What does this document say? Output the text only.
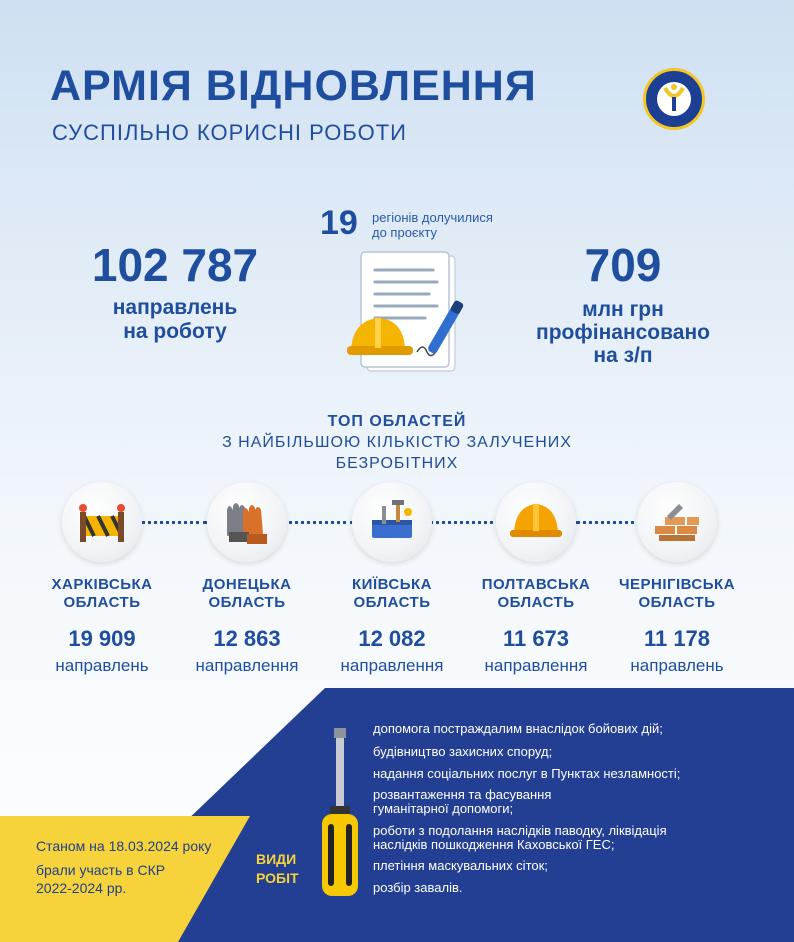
АРМІЯ ВІДНОВЛЕННЯ
СУСПІЛЬНО КОРИСНІ РОБОТИ
102 787
направлень
на роботу
19 регіонів долучилися
до проєкту
709
млн грн
профінансовано
на з/п
ТОП ОБЛАСТЕЙ
З НАЙБІЛЬШОЮ КІЛЬКІСТЮ ЗАЛУЧЕНИХ
БЕЗРОБІТНИХ
ХАРКІВСЬКА
ОБЛАСТЬ
19 909
направлень
ДОНЕЦЬКА
ОБЛАСТЬ
12 863
направлення
КИЇВСЬКА
ОБЛАСТЬ
12 082
направлення
ПОЛТАВСЬКА
ОБЛАСТЬ
11 673
направлення
ЧЕРНІГІВСЬКА
ОБЛАСТЬ
11 178
направлень
Станом на 18.03.2024 року
брали участь в СКР
2022-2024 рр.
ВИДИ
РОБІТ
допомога постраждалим внаслідок бойових дій;
будівництво захисних споруд;
надання соціальних послуг в Пунктах незламності;
розвантаження та фасування
гуманітарної допомоги;
роботи з подолання наслідків паводку, ліквідація
наслідків пошкодження Каховської ГЕС;
плетіння маскувальних сіток;
розбір завалів.
